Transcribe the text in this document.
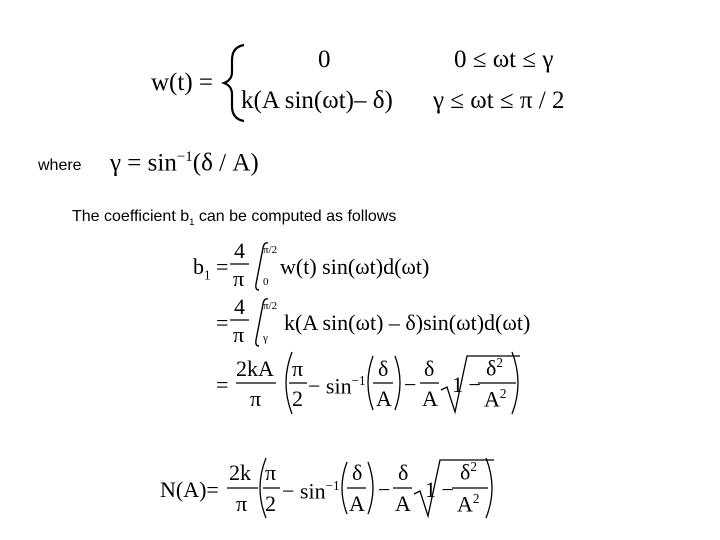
w(t) =
0	0 ≤ ωt ≤ γ
k(A sin(ωt)– δ) γ ≤ ωt ≤ π / 2
where $\gamma = \sin^{-1}(\delta / A)$
The coefficient $b_1$ can be computed as follows
$b_1$ =
4
π
π/2
0
w(t) sin(ωt)d(ωt)
=
4
π
π/2
γ
k(A sin(ωt) – δ)sin(ωt)d(ωt)
=
2kA
π
π
2
− $\sin^{-1} \delta$
A
−
δ
A
1 −
$\delta^2$
$A^2$
N(A)=
2k
π
π
2
− $\sin^{-1}$
δ
A
−
δ
A
1 −
$\delta^2$
$A^2$
